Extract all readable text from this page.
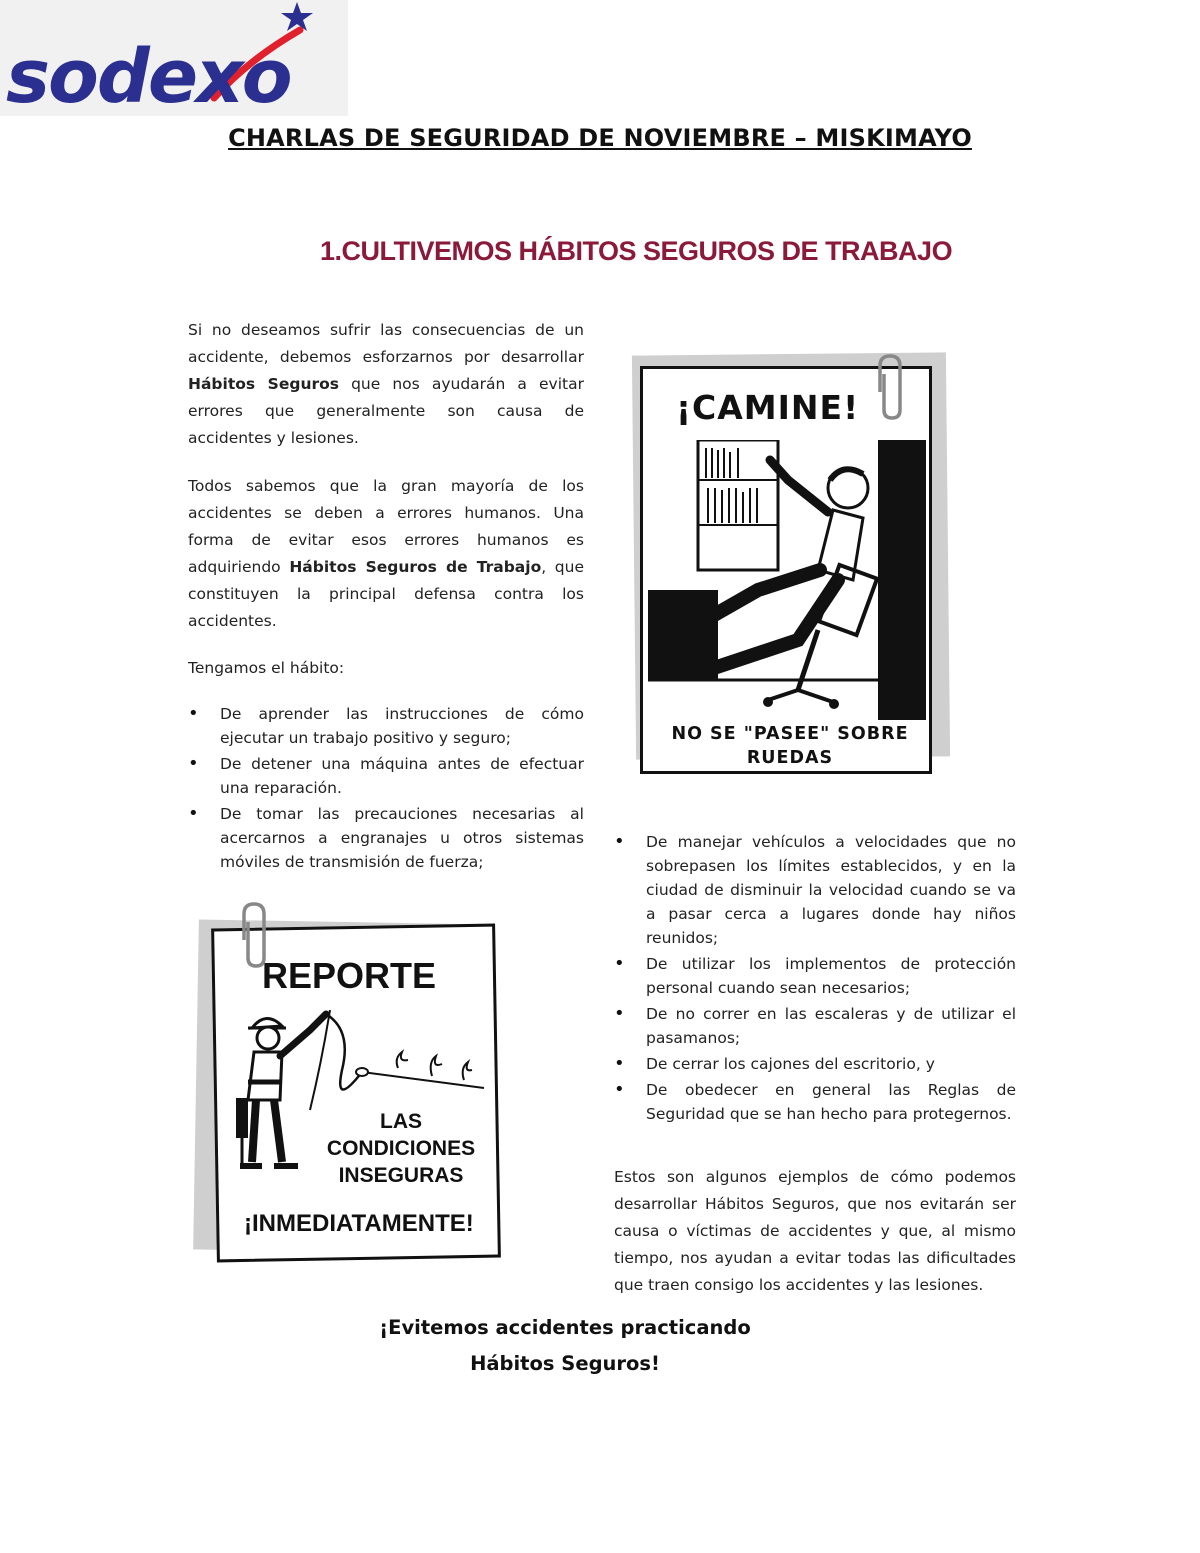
sodexo
CHARLAS DE SEGURIDAD DE NOVIEMBRE – MISKIMAYO
1.CULTIVEMOS HÁBITOS SEGUROS DE TRABAJO
Si no deseamos sufrir las consecuencias de un accidente, debemos esforzarnos por desarrollar Hábitos Seguros que nos ayudarán a evitar errores que generalmente son causa de accidentes y lesiones.
Todos sabemos que la gran mayoría de los accidentes se deben a errores humanos. Una forma de evitar esos errores humanos es adquiriendo Hábitos Seguros de Trabajo, que constituyen la principal defensa contra los accidentes.
Tengamos el hábito:
• De aprender las instrucciones de cómo ejecutar un trabajo positivo y seguro;
• De detener una máquina antes de efectuar una reparación.
• De tomar las precauciones necesarias al acercarnos a engranajes u otros sistemas móviles de transmisión de fuerza;
• De manejar vehículos a velocidades que no sobrepasen los límites establecidos, y en la ciudad de disminuir la velocidad cuando se va a pasar cerca a lugares donde hay niños reunidos;
• De utilizar los implementos de protección personal cuando sean necesarios;
• De no correr en las escaleras y de utilizar el pasamanos;
• De cerrar los cajones del escritorio, y
• De obedecer en general las Reglas de Seguridad que se han hecho para protegernos.
Estos son algunos ejemplos de cómo podemos desarrollar Hábitos Seguros, que nos evitarán ser causa o víctimas de accidentes y que, al mismo tiempo, nos ayudan a evitar todas las dificultades que traen consigo los accidentes y las lesiones.
¡CAMINE!
NO SE "PASEE" SOBRE
RUEDAS
REPORTE
LAS
CONDICIONES
INSEGURAS
¡INMEDIATAMENTE!
¡Evitemos accidentes practicando
Hábitos Seguros!
